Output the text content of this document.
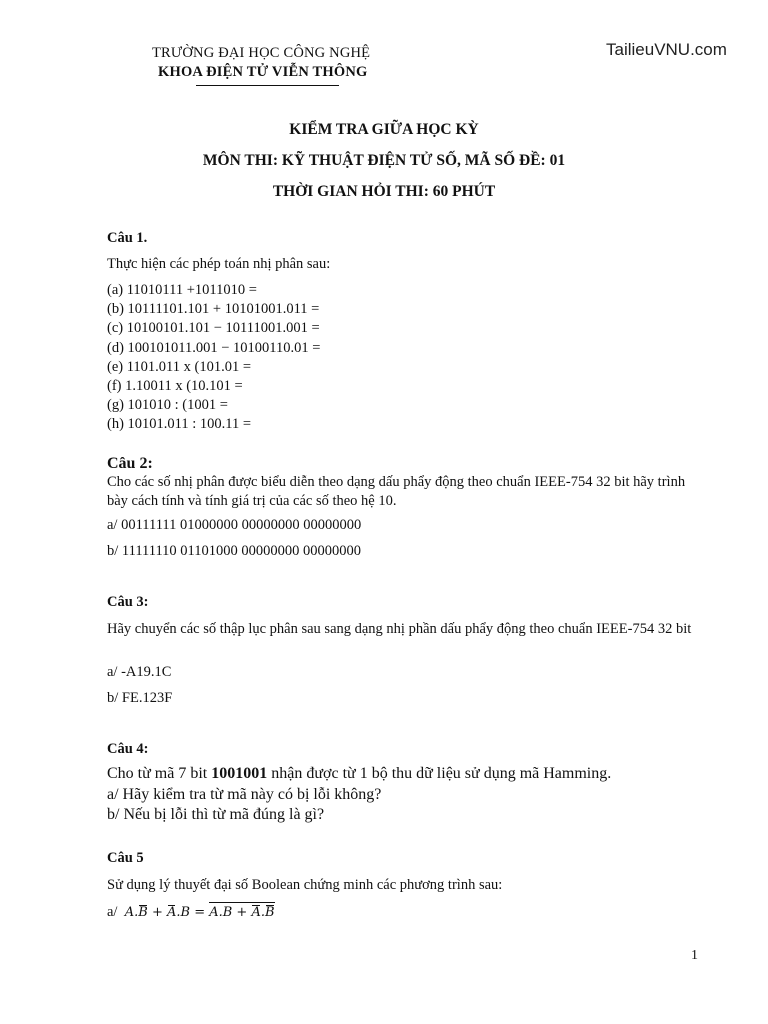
TRƯỜNG ĐẠI HỌC CÔNG NGHỆ
KHOA ĐIỆN TỬ VIỄN THÔNG
TailieuVNU.com
KIỂM TRA GIỮA HỌC KỲ
MÔN THI: KỸ THUẬT ĐIỆN TỬ SỐ, MÃ SỐ ĐỀ: 01
THỜI GIAN HỎI THI: 60 PHÚT
Câu 1.
Thực hiện các phép toán nhị phân sau:
(a) 11010111 +1011010 =
(b) 10111101.101 + 10101001.011 =
(c) 10100101.101 − 10111001.001 =
(d) 100101011.001 − 10100110.01 =
(e) 1101.011 x (101.01 =
(f) 1.10011 x (10.101 =
(g) 101010 : (1001 =
(h) 10101.011 : 100.11 =
Câu 2:
Cho các số nhị phân được biểu diễn theo dạng dấu phẩy động theo chuẩn IEEE-754 32 bit hãy trình bày cách tính và tính giá trị của các số theo hệ 10.
a/ 00111111 01000000 00000000 00000000
b/ 11111110 01101000 00000000 00000000
Câu 3:
Hãy chuyển các số thập lục phân sau sang dạng nhị phần dấu phẩy động theo chuẩn IEEE-754 32 bit
a/ -A19.1C
b/ FE.123F
Câu 4:
Cho từ mã 7 bit 1001001 nhận được từ 1 bộ thu dữ liệu sử dụng mã Hamming.
a/ Hãy kiểm tra từ mã này có bị lỗi không?
b/ Nếu bị lỗi thì từ mã đúng là gì?
Câu 5
Sử dụng lý thuyết đại số Boolean chứng minh các phương trình sau:
a/ A.B + A.B = A.B + A.B
1
